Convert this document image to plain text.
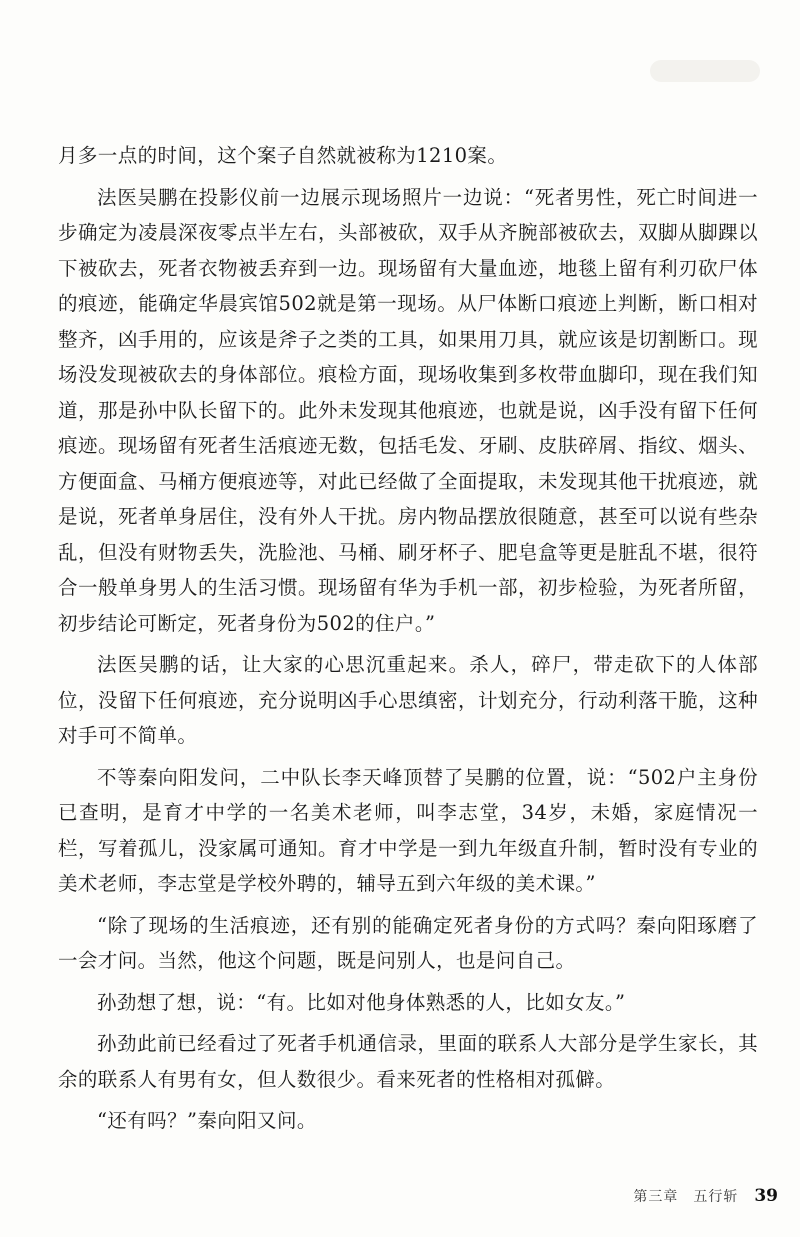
月多一点的时间，这个案子自然就被称为1210案。

法医吴鹏在投影仪前一边展示现场照片一边说：“死者男性，死亡时间进一步确定为凌晨深夜零点半左右，头部被砍，双手从齐腕部被砍去，双脚从脚踝以下被砍去，死者衣物被丢弃到一边。现场留有大量血迹，地毯上留有利刃砍尸体的痕迹，能确定华晨宾馆502就是第一现场。从尸体断口痕迹上判断，断口相对整齐，凶手用的，应该是斧子之类的工具，如果用刀具，就应该是切割断口。现场没发现被砍去的身体部位。痕检方面，现场收集到多枚带血脚印，现在我们知道，那是孙中队长留下的。此外未发现其他痕迹，也就是说，凶手没有留下任何痕迹。现场留有死者生活痕迹无数，包括毛发、牙刷、皮肤碎屑、指纹、烟头、方便面盒、马桶方便痕迹等，对此已经做了全面提取，未发现其他干扰痕迹，就是说，死者单身居住，没有外人干扰。房内物品摆放很随意，甚至可以说有些杂乱，但没有财物丢失，洗脸池、马桶、刷牙杯子、肥皂盒等更是脏乱不堪，很符合一般单身男人的生活习惯。现场留有华为手机一部，初步检验，为死者所留，初步结论可断定，死者身份为502的住户。”

法医吴鹏的话，让大家的心思沉重起来。杀人，碎尸，带走砍下的人体部位，没留下任何痕迹，充分说明凶手心思缜密，计划充分，行动利落干脆，这种对手可不简单。

不等秦向阳发问，二中队长李天峰顶替了吴鹏的位置，说：“502户主身份已查明，是育才中学的一名美术老师，叫李志堂，34岁，未婚，家庭情况一栏，写着孤儿，没家属可通知。育才中学是一到九年级直升制，暂时没有专业的美术老师，李志堂是学校外聘的，辅导五到六年级的美术课。”

“除了现场的生活痕迹，还有别的能确定死者身份的方式吗？秦向阳琢磨了一会才问。当然，他这个问题，既是问别人，也是问自己。

孙劲想了想，说：“有。比如对他身体熟悉的人，比如女友。”

孙劲此前已经看过了死者手机通信录，里面的联系人大部分是学生家长，其余的联系人有男有女，但人数很少。看来死者的性格相对孤僻。

“还有吗？”秦向阳又问。

第三章　五行斩 39
